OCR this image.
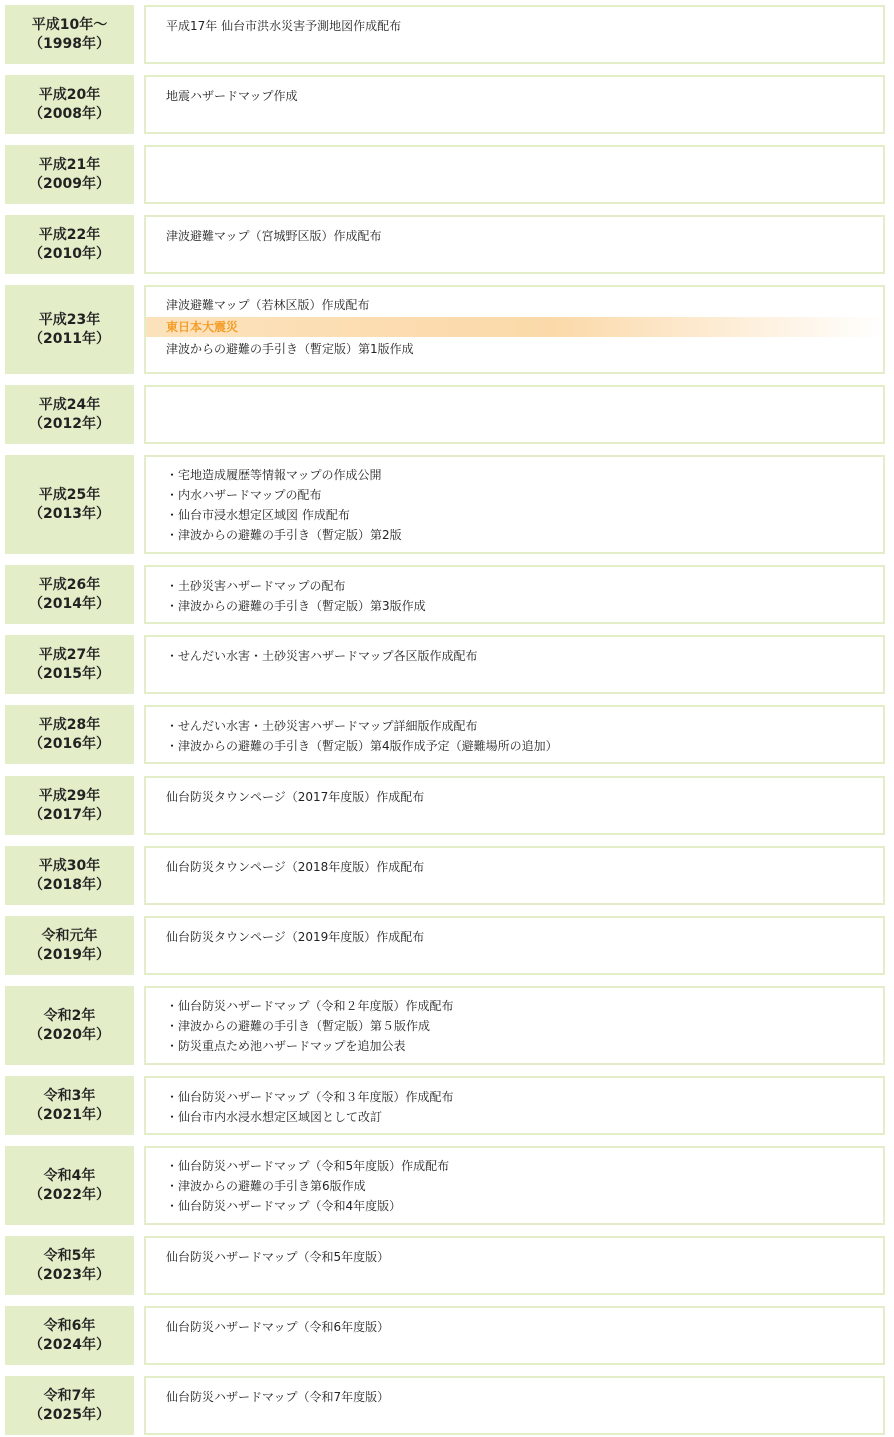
平成10年～
（1998年）
平成17年 仙台市洪水災害予測地図作成配布
平成20年
（2008年）
地震ハザードマップ作成
平成21年
（2009年）
平成22年
（2010年）
津波避難マップ（宮城野区版）作成配布
平成23年
（2011年）
津波避難マップ（若林区版）作成配布
東日本大震災
津波からの避難の手引き（暫定版）第1版作成
平成24年
（2012年）
平成25年
（2013年）
・宅地造成履歴等情報マップの作成公開
・内水ハザードマップの配布
・仙台市浸水想定区域図 作成配布
・津波からの避難の手引き（暫定版）第2版
平成26年
（2014年）
・土砂災害ハザードマップの配布
・津波からの避難の手引き（暫定版）第3版作成
平成27年
（2015年）
・せんだい水害・土砂災害ハザードマップ各区版作成配布
平成28年
（2016年）
・せんだい水害・土砂災害ハザードマップ詳細版作成配布
・津波からの避難の手引き（暫定版）第4版作成予定（避難場所の追加）
平成29年
（2017年）
仙台防災タウンページ（2017年度版）作成配布
平成30年
（2018年）
仙台防災タウンページ（2018年度版）作成配布
令和元年
（2019年）
仙台防災タウンページ（2019年度版）作成配布
令和2年
（2020年）
・仙台防災ハザードマップ（令和２年度版）作成配布
・津波からの避難の手引き（暫定版）第５版作成
・防災重点ため池ハザードマップを追加公表
令和3年
（2021年）
・仙台防災ハザードマップ（令和３年度版）作成配布
・仙台市内水浸水想定区域図として改訂
令和4年
（2022年）
・仙台防災ハザードマップ（令和5年度版）作成配布
・津波からの避難の手引き第6版作成
・仙台防災ハザードマップ（令和4年度版）
令和5年
（2023年）
仙台防災ハザードマップ（令和5年度版）
令和6年
（2024年）
仙台防災ハザードマップ（令和6年度版）
令和7年
（2025年）
仙台防災ハザードマップ（令和7年度版）
